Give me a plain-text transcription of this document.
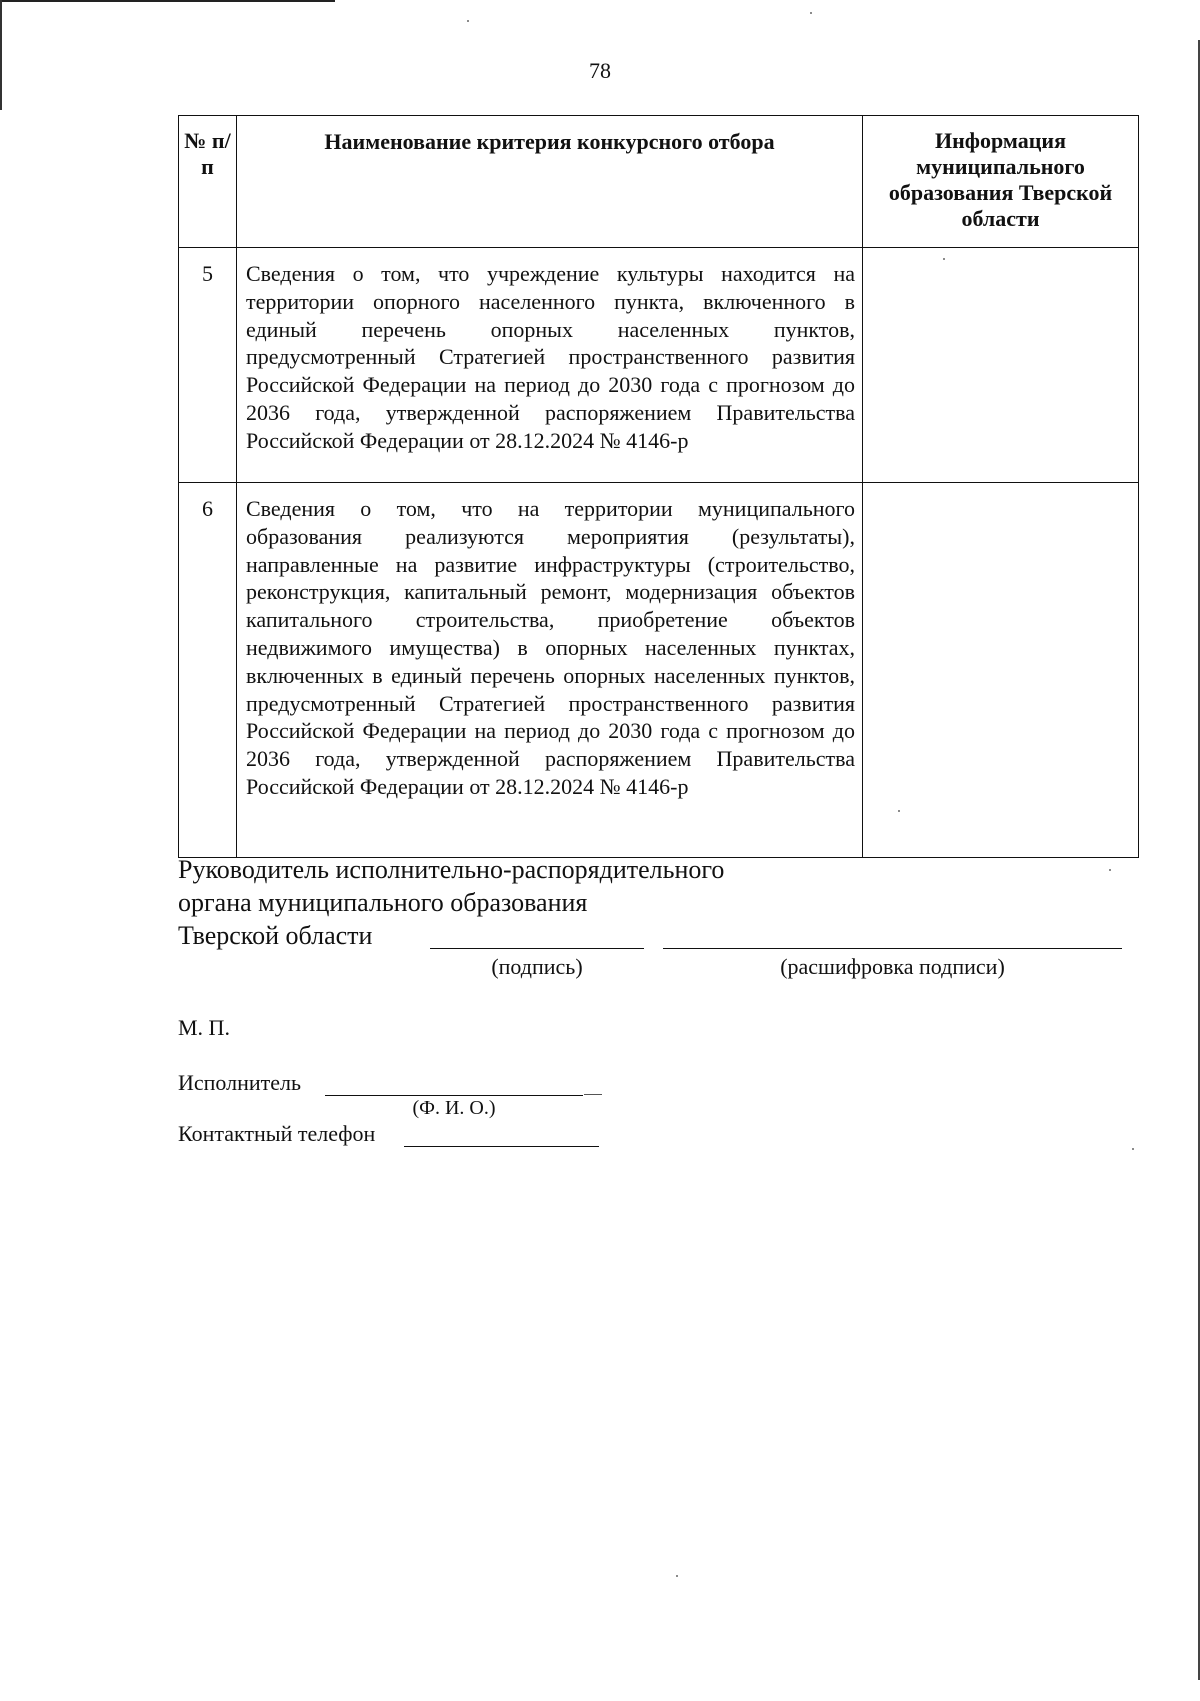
78
№ п/п	Наименование критерия конкурсного отбора	Информация муниципального образования Тверской области
5	Сведения о том, что учреждение культуры находится на территории опорного населенного пункта, включенного в единый перечень опорных населенных пунктов, предусмотренный Стратегией пространственного развития Российской Федерации на период до 2030 года с прогнозом до 2036 года, утвержденной распоряжением Правительства Российской Федерации от 28.12.2024 № 4146-р	
6	Сведения о том, что на территории муниципального образования реализуются мероприятия (результаты), направленные на развитие инфраструктуры (строительство, реконструкция, капитальный ремонт, модернизация объектов капитального строительства, приобретение объектов недвижимого имущества) в опорных населенных пунктах, включенных в единый перечень опорных населенных пунктов, предусмотренный Стратегией пространственного развития Российской Федерации на период до 2030 года с прогнозом до 2036 года, утвержденной распоряжением Правительства Российской Федерации от 28.12.2024 № 4146-р	
Руководитель исполнительно-распорядительного
органа муниципального образования
Тверской области
(подпись)	(расшифровка подписи)
М. П.
Исполнитель
(Ф. И. О.)
Контактный телефон
